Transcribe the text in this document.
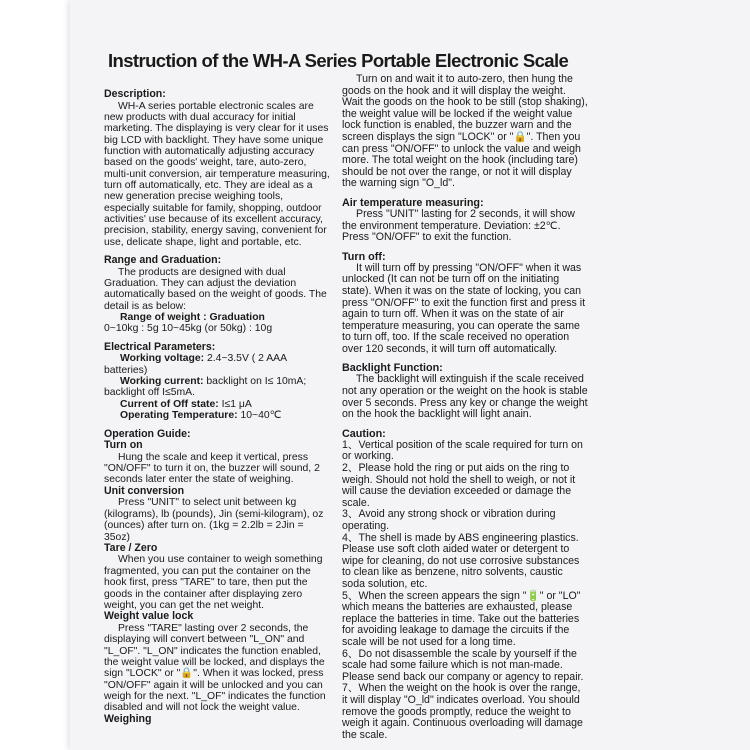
Instruction of the WH-A Series Portable Electronic Scale
Description:

WH-A series portable electronic scales are new products with dual accuracy for initial marketing. The displaying is very clear for it uses big LCD with backlight. They have some unique function with automatically adjusting accuracy based on the goods' weight, tare, auto-zero, multi-unit conversion, air temperature measuring, turn off automatically, etc. They are ideal as a new generation precise weighing tools, especially suitable for family, shopping, outdoor activities' use because of its excellent accuracy, precision, stability, energy saving, convenient for use, delicate shape, light and portable, etc.

Range and Graduation:

The products are designed with dual Graduation. They can adjust the deviation automatically based on the weight of goods. The detail is as below:

Range of weight : Graduation

0~10kg : 5g 10~45kg (or 50kg) : 10g

Electrical Parameters:

Working voltage: 2.4~3.5V ( 2 AAA batteries)

Working current: backlight on I≤ 10mA; backlight off I≤5mA.

Current of Off state: I≤1 μA

Operating Temperature: 10~40℃

Operation Guide:

Turn on

Hung the scale and keep it vertical, press "ON/OFF" to turn it on, the buzzer will sound, 2 seconds later enter the state of weighing.

Unit conversion

Press "UNIT" to select unit between kg (kilograms), lb (pounds), Jin (semi-kilogram), oz (ounces) after turn on. (1kg = 2.2lb = 2Jin = 35oz)

Tare / Zero

When you use container to weigh something fragmented, you can put the container on the hook first, press "TARE" to tare, then put the goods in the container after displaying zero weight, you can get the net weight.

Weight value lock

Press "TARE" lasting over 2 seconds, the displaying will convert between "L_ON" and "L_OF". "L_ON" indicates the function enabled, the weight value will be locked, and displays the sign "LOCK" or "🔒". When it was locked, press "ON/OFF" again it will be unlocked and you can weigh for the next. "L_OF" indicates the function disabled and will not lock the weight value.

Weighing

Turn on and wait it to auto-zero, then hung the goods on the hook and it will display the weight. Wait the goods on the hook to be still (stop shaking), the weight value will be locked if the weight value lock function is enabled, the buzzer warn and the screen displays the sign "LOCK" or "🔒". Then you can press "ON/OFF" to unlock the value and weigh more. The total weight on the hook (including tare) should be not over the range, or not it will display the warning sign "O_ld".

Air temperature measuring:

Press "UNIT" lasting for 2 seconds, it will show the environment temperature. Deviation: ±2℃. Press "ON/OFF" to exit the function.

Turn off:

It will turn off by pressing "ON/OFF" when it was unlocked (It can not be turn off on the initiating state). When it was on the state of locking, you can press "ON/OFF" to exit the function first and press it again to turn off. When it was on the state of air temperature measuring, you can operate the same to turn off, too. If the scale received no operation over 120 seconds, it will turn off automatically.

Backlight Function:

The backlight will extinguish if the scale received not any operation or the weight on the hook is stable over 5 seconds. Press any key or change the weight on the hook the backlight will light anain.

Caution:

1、Vertical position of the scale required for turn on or working.

2、Please hold the ring or put aids on the ring to weigh. Should not hold the shell to weigh, or not it will cause the deviation exceeded or damage the scale.

3、Avoid any strong shock or vibration during operating.

4、The shell is made by ABS engineering plastics. Please use soft cloth aided water or detergent to wipe for cleaning, do not use corrosive substances to clean like as benzene, nitro solvents, caustic soda solution, etc.

5、When the screen appears the sign "🔋" or "LO" which means the batteries are exhausted, please replace the batteries in time. Take out the batteries for avoiding leakage to damage the circuits if the scale will be not used for a long time.

6、Do not disassemble the scale by yourself if the scale had some failure which is not man-made. Please send back our company or agency to repair.

7、When the weight on the hook is over the range, it will display "O_ld" indicates overload. You should remove the goods promptly, reduce the weight to weigh it again. Continuous overloading will damage the scale.
